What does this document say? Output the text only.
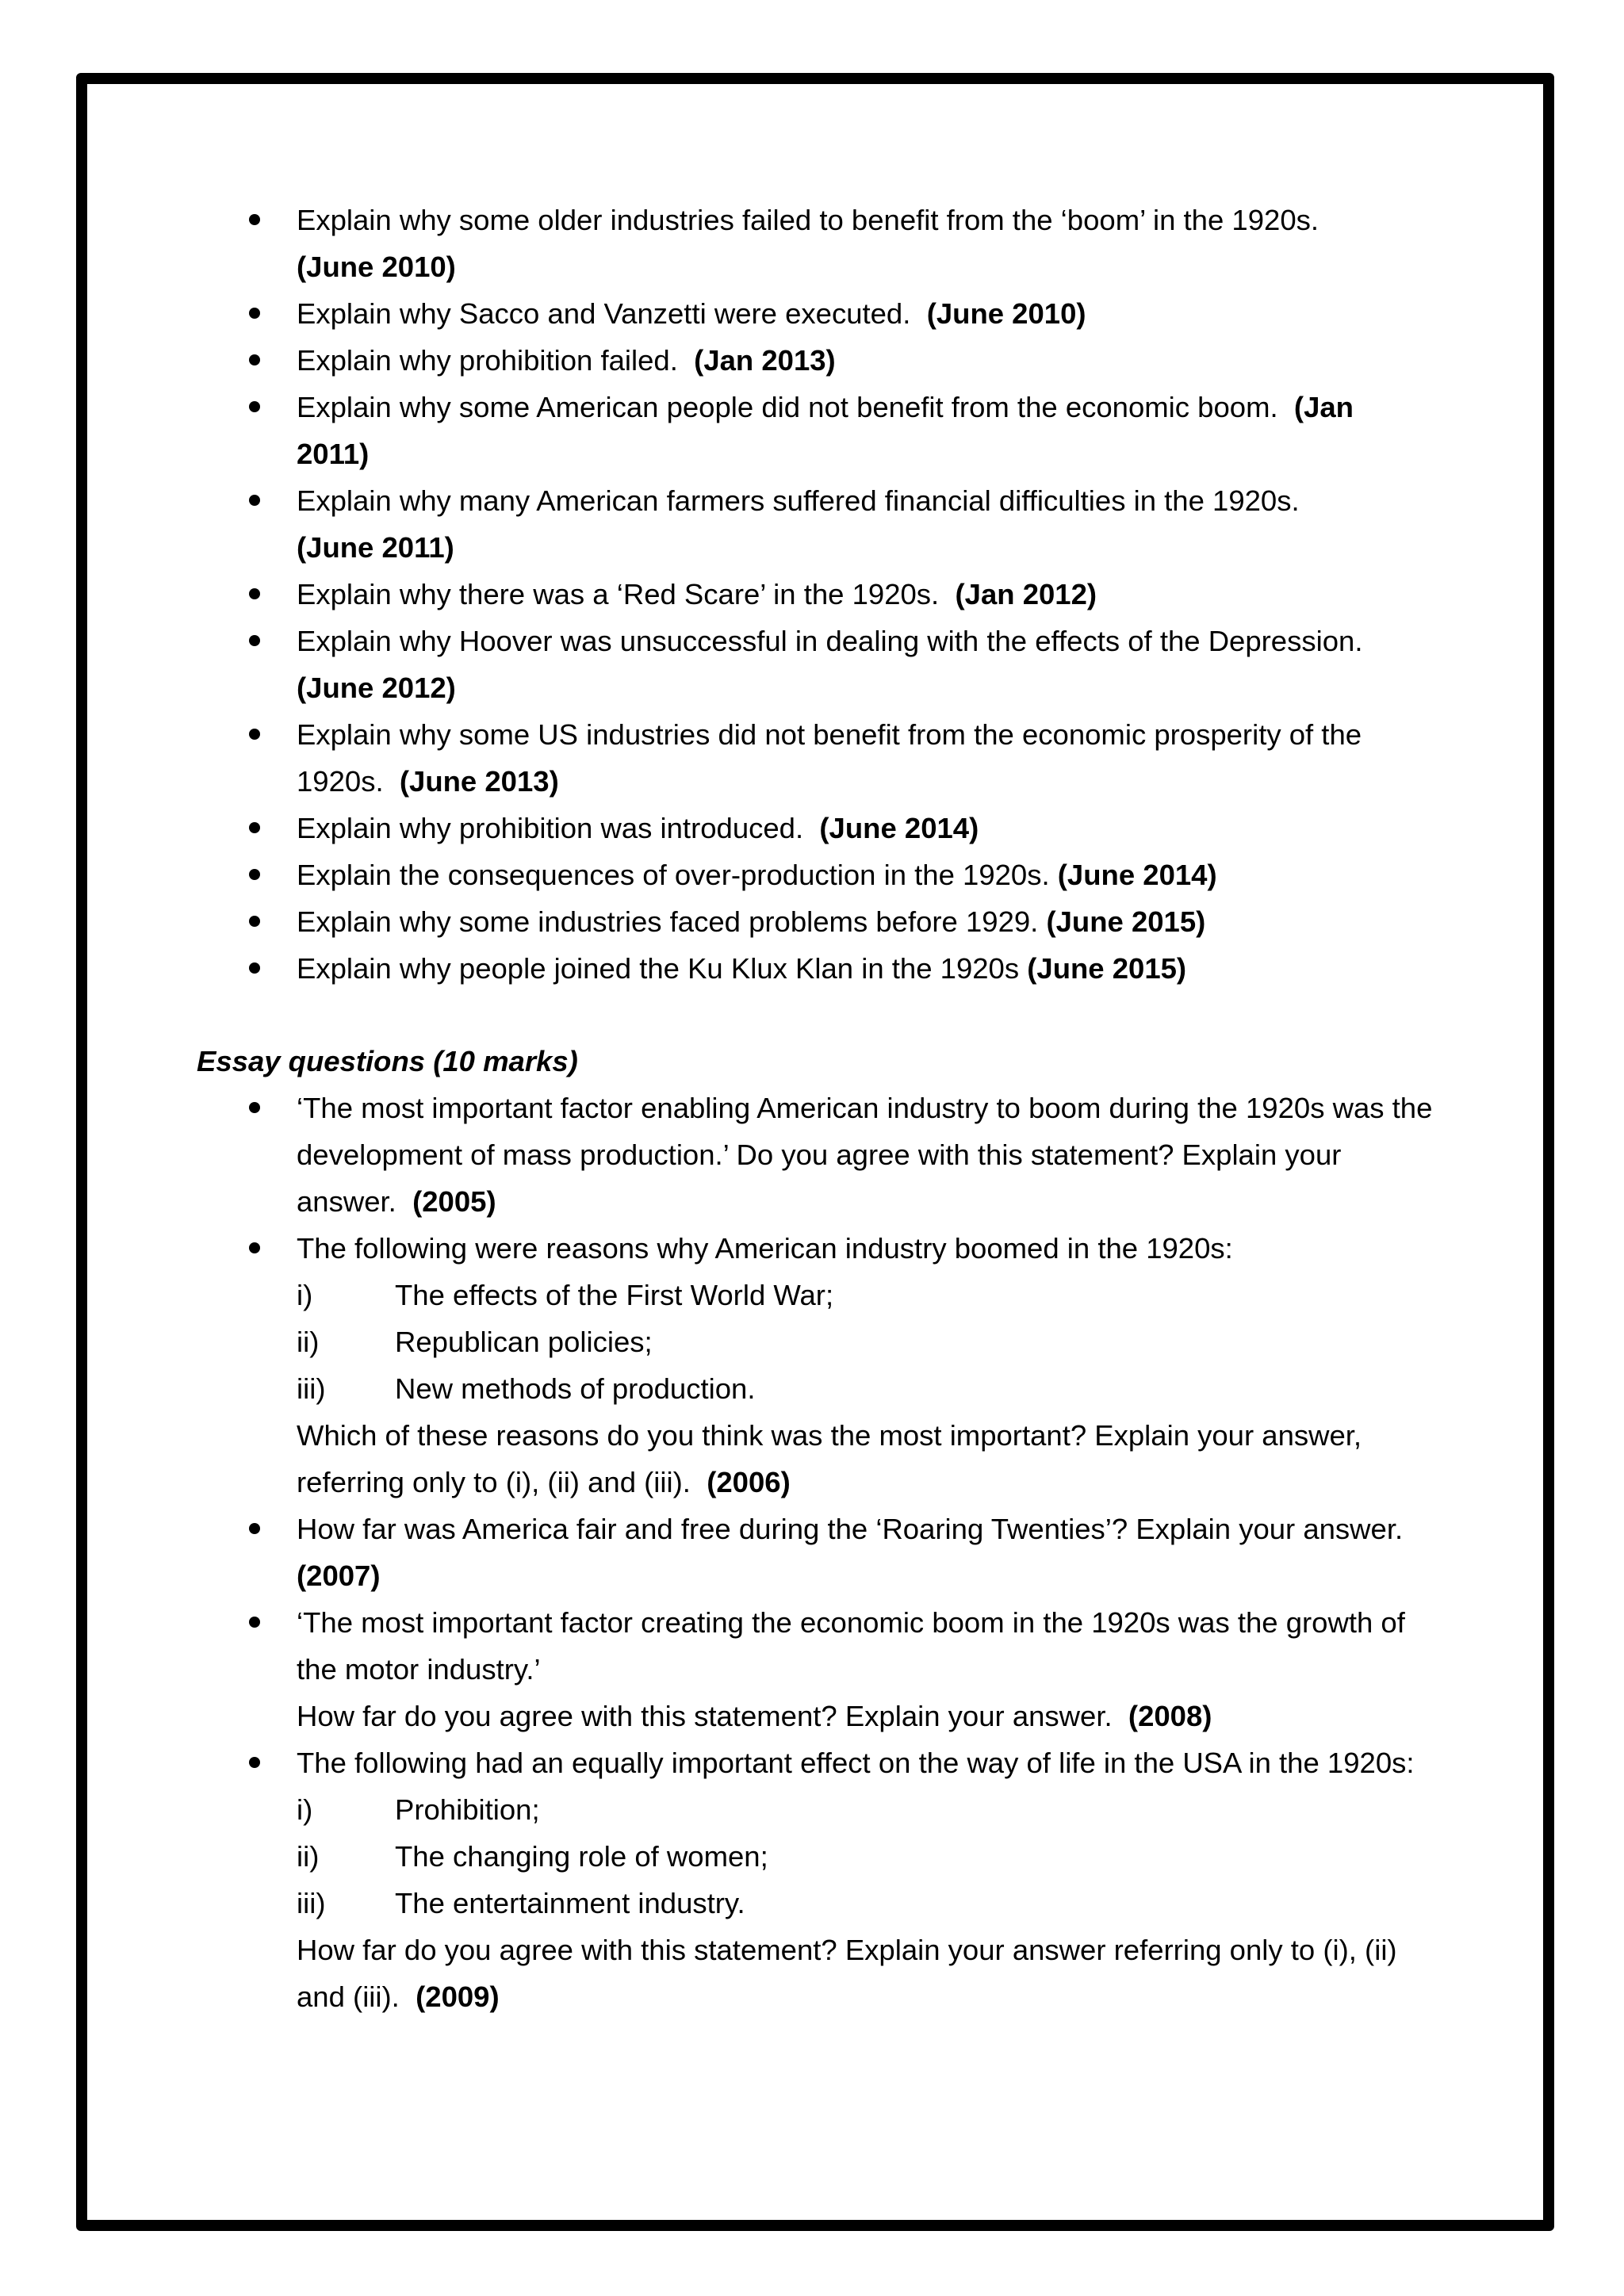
Explain why some older industries failed to benefit from the ‘boom’ in the 1920s.
(June 2010)
Explain why Sacco and Vanzetti were executed. (June 2010)
Explain why prohibition failed. (Jan 2013)
Explain why some American people did not benefit from the economic boom. (Jan 2011)
Explain why many American farmers suffered financial difficulties in the 1920s.
(June 2011)
Explain why there was a ‘Red Scare’ in the 1920s. (Jan 2012)
Explain why Hoover was unsuccessful in dealing with the effects of the Depression.
(June 2012)
Explain why some US industries did not benefit from the economic prosperity of the 1920s. (June 2013)
Explain why prohibition was introduced. (June 2014)
Explain the consequences of over-production in the 1920s. (June 2014)
Explain why some industries faced problems before 1929. (June 2015)
Explain why people joined the Ku Klux Klan in the 1920s (June 2015)
Essay questions (10 marks)
‘The most important factor enabling American industry to boom during the 1920s was the development of mass production.’ Do you agree with this statement? Explain your answer. (2005)
The following were reasons why American industry boomed in the 1920s:
i)	The effects of the First World War;
ii)	Republican policies;
iii)	New methods of production.
Which of these reasons do you think was the most important? Explain your answer, referring only to (i), (ii) and (iii). (2006)
How far was America fair and free during the ‘Roaring Twenties’? Explain your answer.  (2007)
‘The most important factor creating the economic boom in the 1920s was the growth of the motor industry.’
How far do you agree with this statement? Explain your answer. (2008)
The following had an equally important effect on the way of life in the USA in the 1920s:
i)	Prohibition;
ii)	The changing role of women;
iii)	The entertainment industry.
How far do you agree with this statement? Explain your answer referring only to (i), (ii) and (iii). (2009)
